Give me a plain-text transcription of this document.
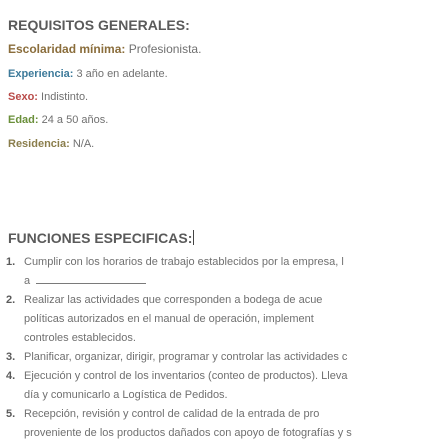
REQUISITOS GENERALES:
Escolaridad mínima: Profesionista.
Experiencia: 3 año en adelante.
Sexo: Indistinto.
Edad: 24 a 50 años.
Residencia: N/A.
FUNCIONES ESPECIFICAS:
1. Cumplir con los horarios de trabajo establecidos por la empresa, l
a
2. Realizar las actividades que corresponden a bodega de acue
políticas autorizados en el manual de operación, implement
controles establecidos.
3. Planificar, organizar, dirigir, programar y controlar las actividades c
4. Ejecución y control de los inventarios (conteo de productos). Lleva
día y comunicarlo a Logística de Pedidos.
5. Recepción, revisión y control de calidad de la entrada de pro
proveniente de los productos dañados con apoyo de fotografías y s
